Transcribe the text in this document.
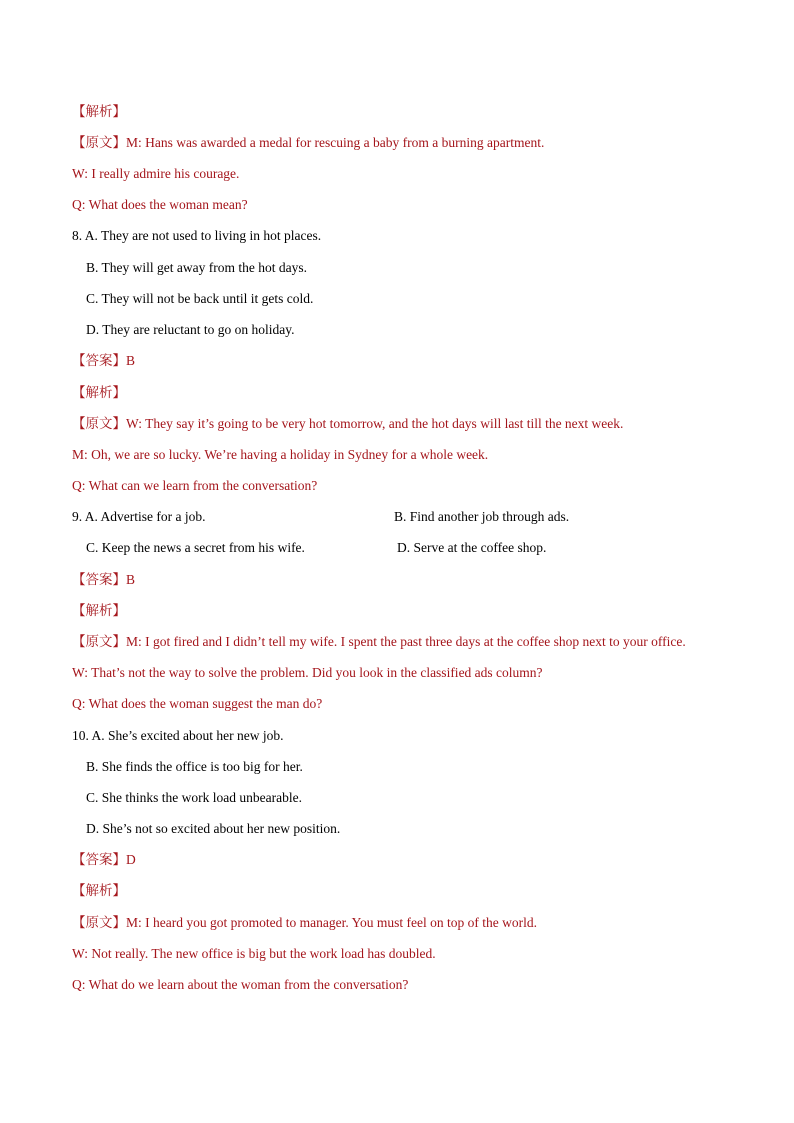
【解析】
【原文】M: Hans was awarded a medal for rescuing a baby from a burning apartment.
W: I really admire his courage.
Q: What does the woman mean?
8. A. They are not used to living in hot places.
B. They will get away from the hot days.
C. They will not be back until it gets cold.
D. They are reluctant to go on holiday.
【答案】B
【解析】
【原文】W: They say it’s going to be very hot tomorrow, and the hot days will last till the next week.
M: Oh, we are so lucky. We’re having a holiday in Sydney for a whole week.
Q: What can we learn from the conversation?
9. A. Advertise for a job.	B. Find another job through ads.
C. Keep the news a secret from his wife.	D. Serve at the coffee shop.
【答案】B
【解析】
【原文】M: I got fired and I didn’t tell my wife. I spent the past three days at the coffee shop next to your office.
W: That’s not the way to solve the problem. Did you look in the classified ads column?
Q: What does the woman suggest the man do?
10. A. She’s excited about her new job.
B. She finds the office is too big for her.
C. She thinks the work load unbearable.
D. She’s not so excited about her new position.
【答案】D
【解析】
【原文】M: I heard you got promoted to manager. You must feel on top of the world.
W: Not really. The new office is big but the work load has doubled.
Q: What do we learn about the woman from the conversation?
